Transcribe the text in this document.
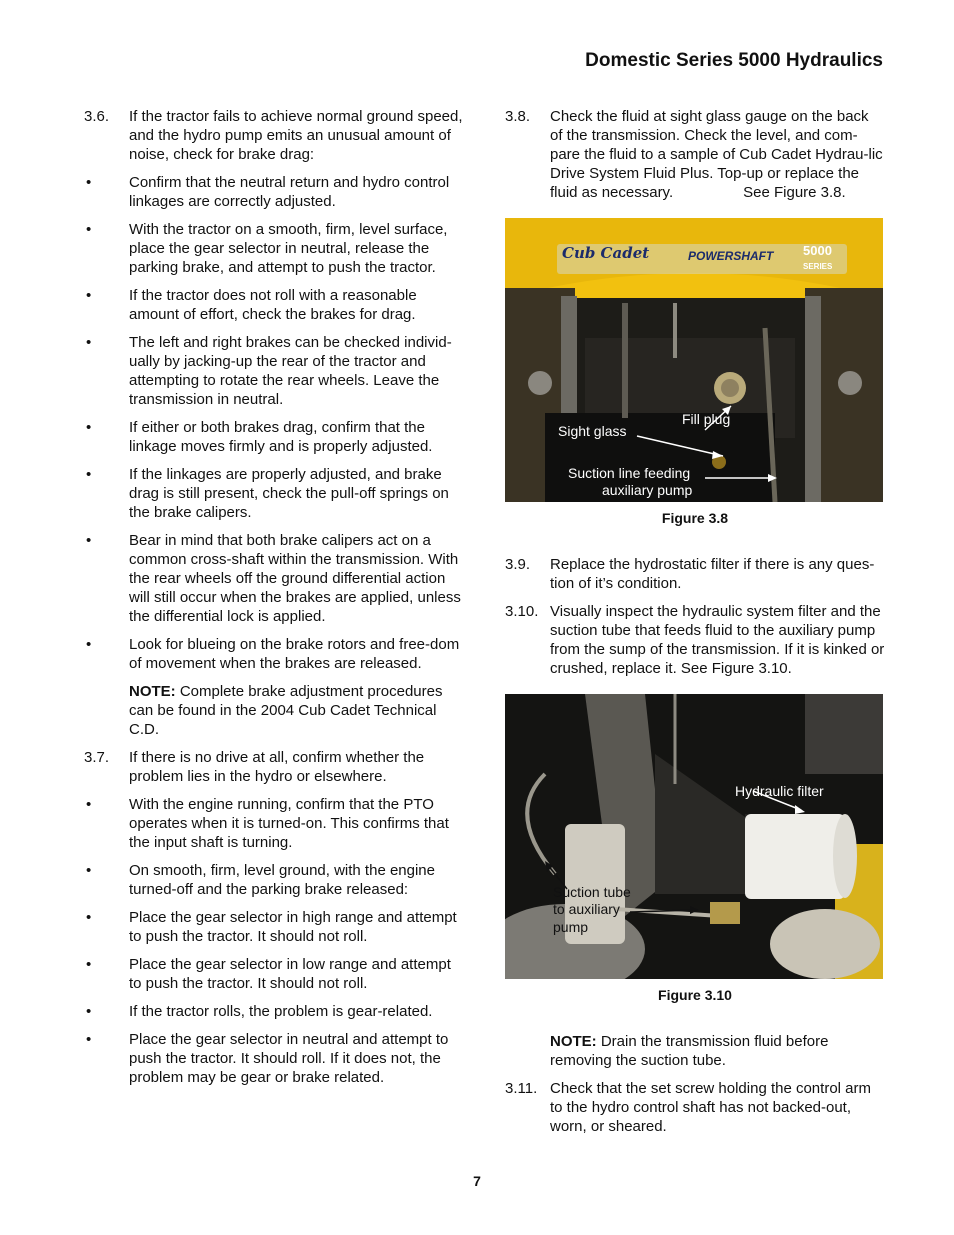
Domestic Series 5000 Hydraulics
3.6. If the tractor fails to achieve normal ground speed, and the hydro pump emits an unusual amount of noise, check for brake drag:
•	Confirm that the neutral return and hydro control linkages are correctly adjusted.
•	With the tractor on a smooth, firm, level surface, place the gear selector in neutral, release the parking brake, and attempt to push the tractor.
•	If the tractor does not roll with a reasonable amount of effort, check the brakes for drag.
•	The left and right brakes can be checked individ-ually by jacking-up the rear of the tractor and attempting to rotate the rear wheels. Leave the transmission in neutral.
•	If either or both brakes drag, confirm that the linkage moves firmly and is properly adjusted.
•	If the linkages are properly adjusted, and brake drag is still present, check the pull-off springs on the brake calipers.
•	Bear in mind that both brake calipers act on a common cross-shaft within the transmission. With the rear wheels off the ground differential action will still occur when the brakes are applied, unless the differential lock is applied.
•	Look for blueing on the brake rotors and free-dom of movement when the brakes are released.
NOTE: Complete brake adjustment procedures can be found in the 2004 Cub Cadet Technical C.D.
3.7. If there is no drive at all, confirm whether the problem lies in the hydro or elsewhere.
•	With the engine running, confirm that the PTO operates when it is turned-on. This confirms that the input shaft is turning.
•	On smooth, firm, level ground, with the engine turned-off and the parking brake released:
•	Place the gear selector in high range and attempt to push the tractor. It should not roll.
•	Place the gear selector in low range and attempt to push the tractor. It should not roll.
•	If the tractor rolls, the problem is gear-related.
•	Place the gear selector in neutral and attempt to push the tractor. It should roll. If it does not, the problem may be gear or brake related.
3.8. Check the fluid at sight glass gauge on the back of the transmission. Check the level, and com-pare the fluid to a sample of Cub Cadet Hydrau-lic Drive System Fluid Plus. Top-up or replace the fluid as necessary.	See Figure 3.8.
Cub Cadet	POWERSHAFT 5000
SERIES
Fill plug
Sight glass
Suction line feeding
auxiliary pump
Figure 3.8
3.9. Replace the hydrostatic filter if there is any ques-tion of it’s condition.
3.10. Visually inspect the hydraulic system filter and the suction tube that feeds fluid to the auxiliary pump from the sump of the transmission. If it is kinked or crushed, replace it. See Figure 3.10.
Hydraulic filter
Suction tube
to auxiliary
pump
Figure 3.10
NOTE: Drain the transmission fluid before removing the suction tube.
3.11. Check that the set screw holding the control arm to the hydro control shaft has not backed-out, worn, or sheared.
7
